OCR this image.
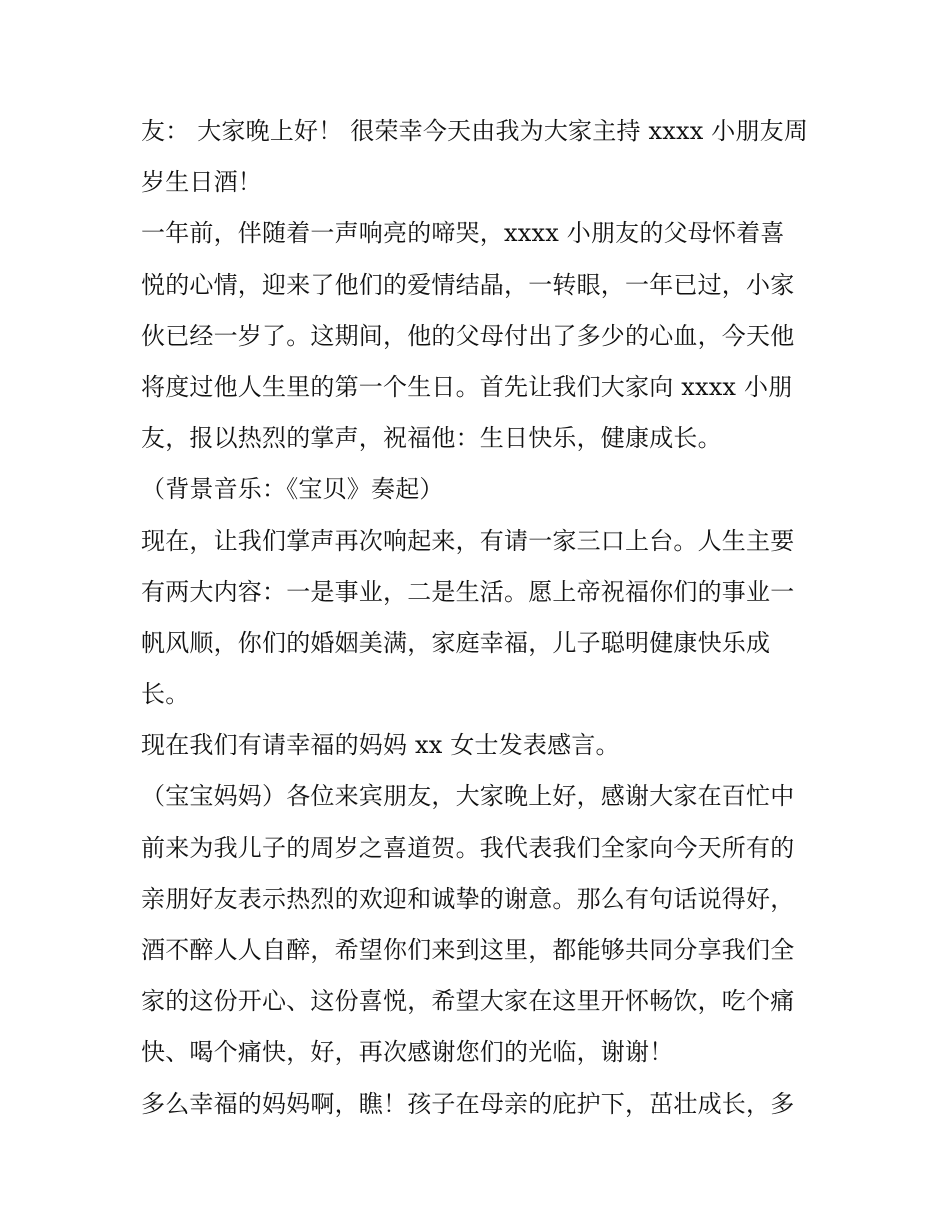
友： 大家晚上好！ 很荣幸今天由我为大家主持 xxxx 小朋友周
岁生日酒！
一年前，伴随着一声响亮的啼哭，xxxx 小朋友的父母怀着喜
悦的心情，迎来了他们的爱情结晶，一转眼，一年已过，小家
伙已经一岁了。这期间，他的父母付出了多少的心血，今天他
将度过他人生里的第一个生日。首先让我们大家向 xxxx 小朋
友，报以热烈的掌声，祝福他：生日快乐，健康成长。
（背景音乐：《宝贝》奏起）
现在，让我们掌声再次响起来，有请一家三口上台。人生主要
有两大内容：一是事业，二是生活。愿上帝祝福你们的事业一
帆风顺，你们的婚姻美满，家庭幸福，儿子聪明健康快乐成
长。
现在我们有请幸福的妈妈 xx 女士发表感言。
（宝宝妈妈）各位来宾朋友，大家晚上好，感谢大家在百忙中
前来为我儿子的周岁之喜道贺。我代表我们全家向今天所有的
亲朋好友表示热烈的欢迎和诚挚的谢意。那么有句话说得好，
酒不醉人人自醉，希望你们来到这里，都能够共同分享我们全
家的这份开心、这份喜悦，希望大家在这里开怀畅饮，吃个痛
快、喝个痛快，好，再次感谢您们的光临，谢谢！
多么幸福的妈妈啊，瞧！孩子在母亲的庇护下，茁壮成长，多
